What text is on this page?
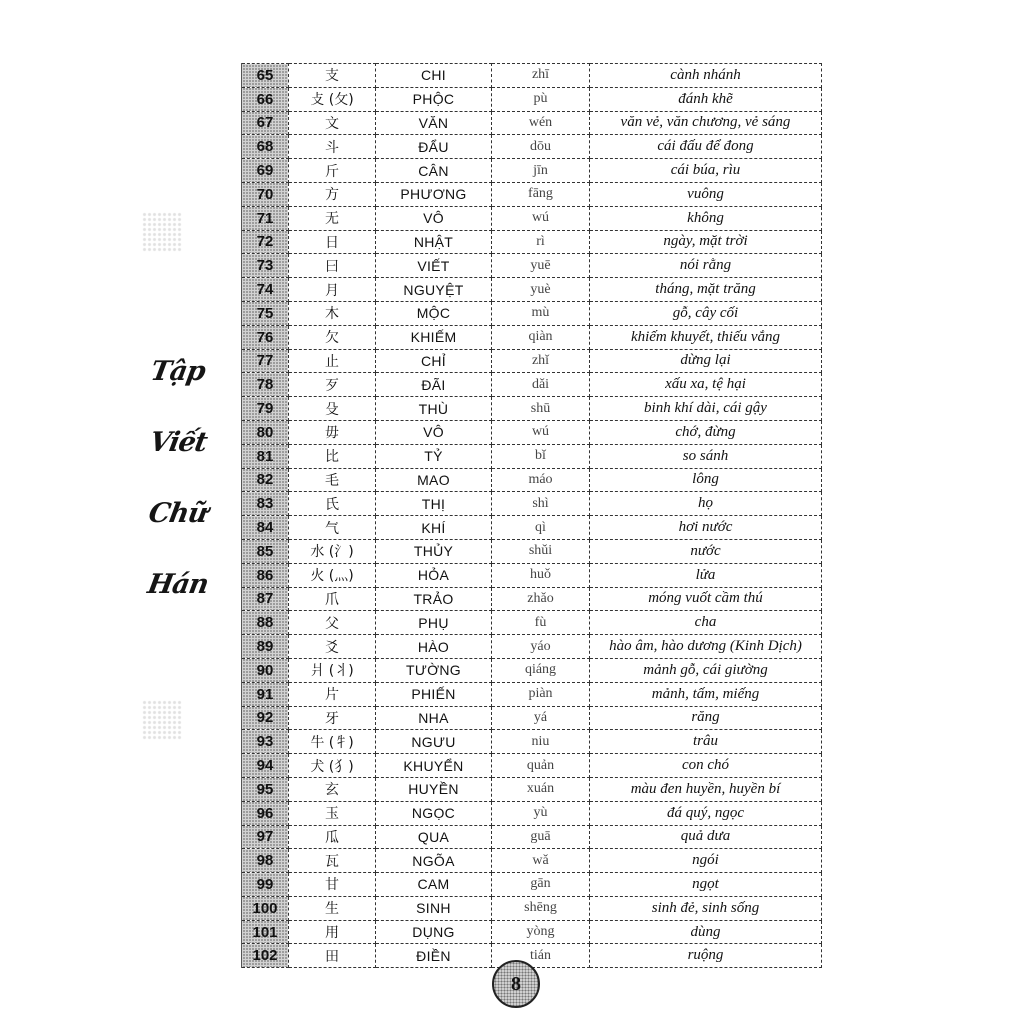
Tập
Viết
Chữ
Hán
65	支	CHI	zhī	cành nhánh
66	攴 (攵)	PHỘC	pù	đánh khẽ
67	文	VĂN	wén	văn vẻ, văn chương, vẻ sáng
68	斗	ĐẨU	dōu	cái đấu để đong
69	斤	CÂN	jīn	cái búa, rìu
70	方	PHƯƠNG	fāng	vuông
71	无	VÔ	wú	không
72	日	NHẬT	rì	ngày, mặt trời
73	曰	VIẾT	yuē	nói rằng
74	月	NGUYỆT	yuè	tháng, mặt trăng
75	木	MỘC	mù	gỗ, cây cối
76	欠	KHIẾM	qiàn	khiếm khuyết, thiếu vắng
77	止	CHỈ	zhǐ	dừng lại
78	歹	ĐÃI	dǎi	xấu xa, tệ hại
79	殳	THÙ	shū	binh khí dài, cái gậy
80	毋	VÔ	wú	chớ, đừng
81	比	TỶ	bǐ	so sánh
82	毛	MAO	máo	lông
83	氏	THỊ	shì	họ
84	气	KHÍ	qì	hơi nước
85	水 (氵)	THỦY	shǔi	nước
86	火 (灬)	HỎA	huǒ	lửa
87	爪	TRẢO	zhǎo	móng vuốt cầm thú
88	父	PHỤ	fù	cha
89	爻	HÀO	yáo	hào âm, hào dương (Kinh Dịch)
90	爿 (丬)	TƯỜNG	qiáng	mảnh gỗ, cái giường
91	片	PHIẾN	piàn	mảnh, tấm, miếng
92	牙	NHA	yá	răng
93	牛 (牜)	NGƯU	niu	trâu
94	犬 (犭)	KHUYỂN	quản	con chó
95	玄	HUYỀN	xuán	màu đen huyền, huyền bí
96	玉	NGỌC	yù	đá quý, ngọc
97	瓜	QUA	guā	quả dưa
98	瓦	NGÕA	wǎ	ngói
99	甘	CAM	gān	ngọt
100	生	SINH	shēng	sinh đẻ, sinh sống
101	用	DỤNG	yòng	dùng
102	田	ĐIỀN	tián	ruộng
8
